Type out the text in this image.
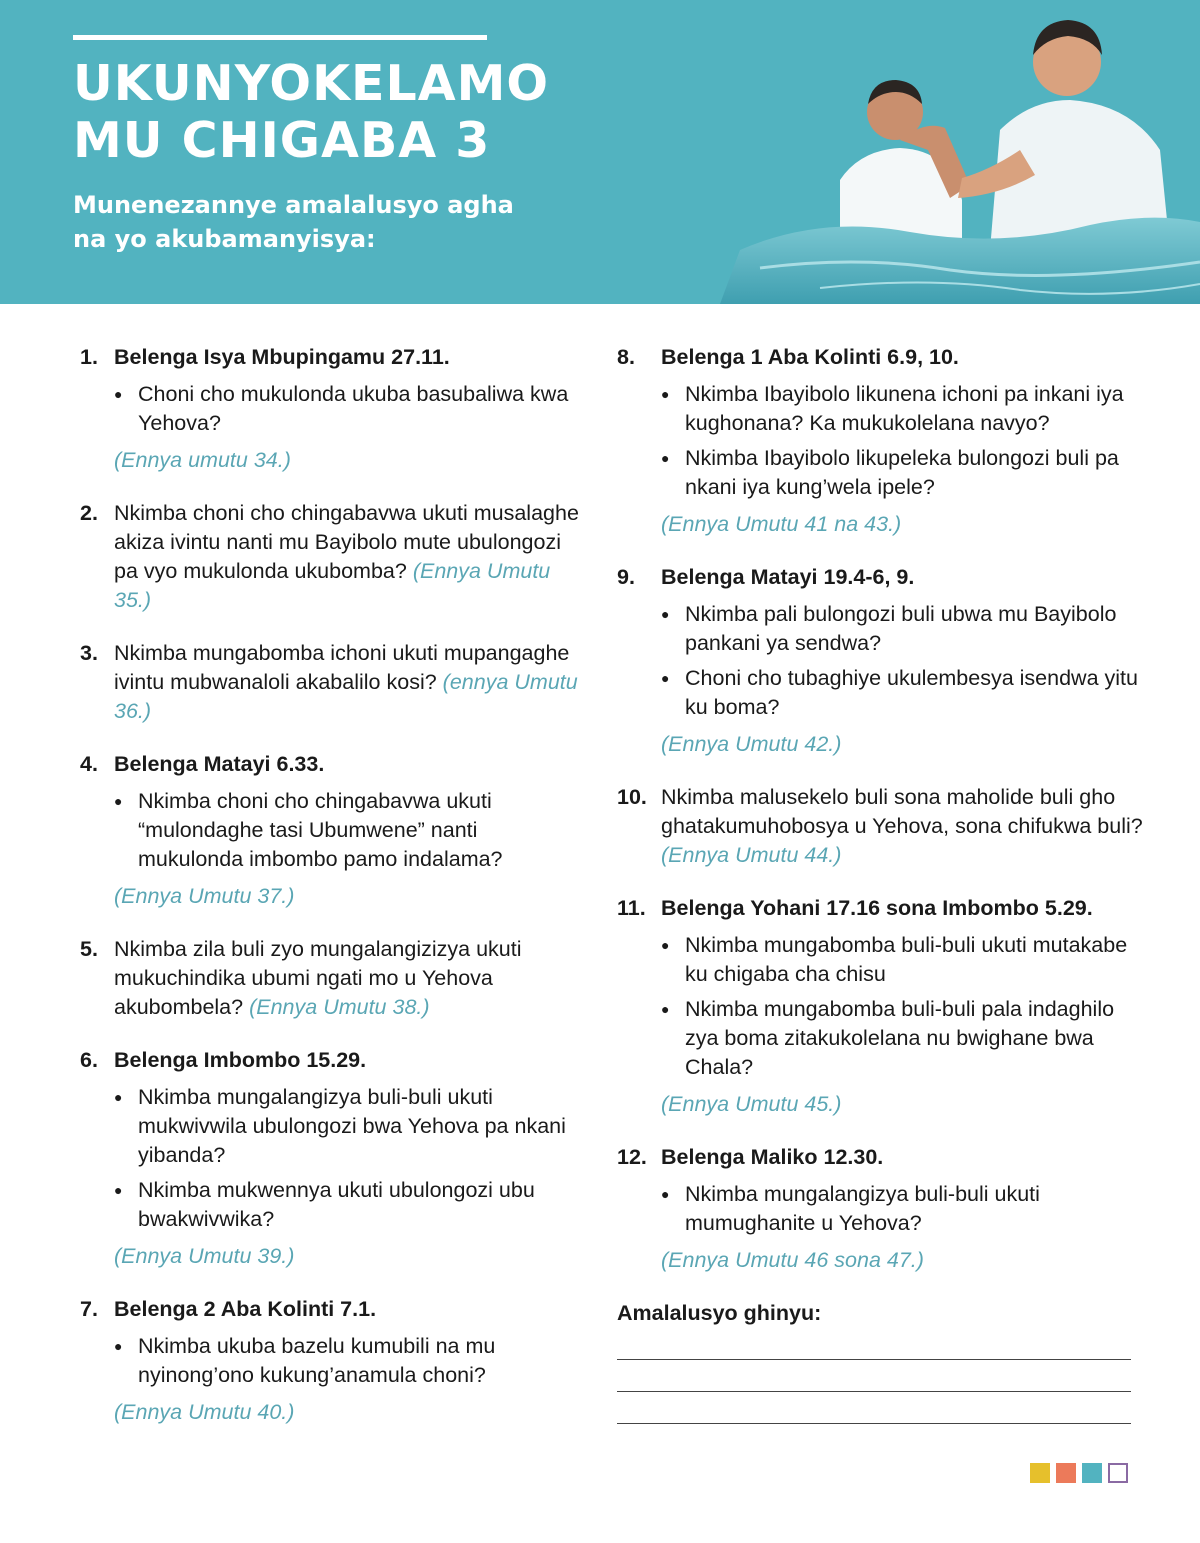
UKUNYOKELAMO
MU CHIGABA 3
Munenezannye amalalusyo agha
na yo akubamanyisya:
1. Belenga Isya Mbupingamu 27.11.
● Choni cho mukulonda ukuba basubaliwa kwa Yehova?
(Ennya umutu 34.)
2. Nkimba choni cho chingabavwa ukuti musalaghe akiza ivintu nanti mu Bayibolo mute ubulongozi pa vyo mukulonda ukubomba? (Ennya Umutu 35.)
3. Nkimba mungabomba ichoni ukuti mupangaghe ivintu mubwanaloli akabalilo kosi? (ennya Umutu 36.)
4. Belenga Matayi 6.33.
● Nkimba choni cho chingabavwa ukuti “mulondaghe tasi Ubumwene” nanti mukulonda imbombo pamo indalama?
(Ennya Umutu 37.)
5. Nkimba zila buli zyo mungalangizizya ukuti mukuchindika ubumi ngati mo u Yehova akubombela? (Ennya Umutu 38.)
6. Belenga Imbombo 15.29.
● Nkimba mungalangizya buli-buli ukuti mukwivwila ubulongozi bwa Yehova pa nkani yibanda?
● Nkimba mukwennya ukuti ubulongozi ubu bwakwivwika?
(Ennya Umutu 39.)
7. Belenga 2 Aba Kolinti 7.1.
● Nkimba ukuba bazelu kumubili na mu nyinong’ono kukung’anamula choni?
(Ennya Umutu 40.)
8. Belenga 1 Aba Kolinti 6.9, 10.
● Nkimba Ibayibolo likunena ichoni pa inkani iya kughonana? Ka mukukolelana navyo?
● Nkimba Ibayibolo likupeleka bulongozi buli pa nkani iya kung’wela ipele?
(Ennya Umutu 41 na 43.)
9. Belenga Matayi 19.4-6, 9.
● Nkimba pali bulongozi buli ubwa mu Bayibolo pankani ya sendwa?
● Choni cho tubaghiye ukulembesya isendwa yitu ku boma?
(Ennya Umutu 42.)
10. Nkimba malusekelo buli sona maholide buli gho ghatakumuhobosya u Yehova, sona chifukwa buli? (Ennya Umutu 44.)
11. Belenga Yohani 17.16 sona Imbombo 5.29.
● Nkimba mungabomba buli-buli ukuti mutakabe ku chigaba cha chisu
● Nkimba mungabomba buli-buli pala indaghilo zya boma zitakukolelana nu bwighane bwa Chala?
(Ennya Umutu 45.)
12. Belenga Maliko 12.30.
● Nkimba mungalangizya buli-buli ukuti mumughanite u Yehova?
(Ennya Umutu 46 sona 47.)
Amalalusyo ghinyu:
